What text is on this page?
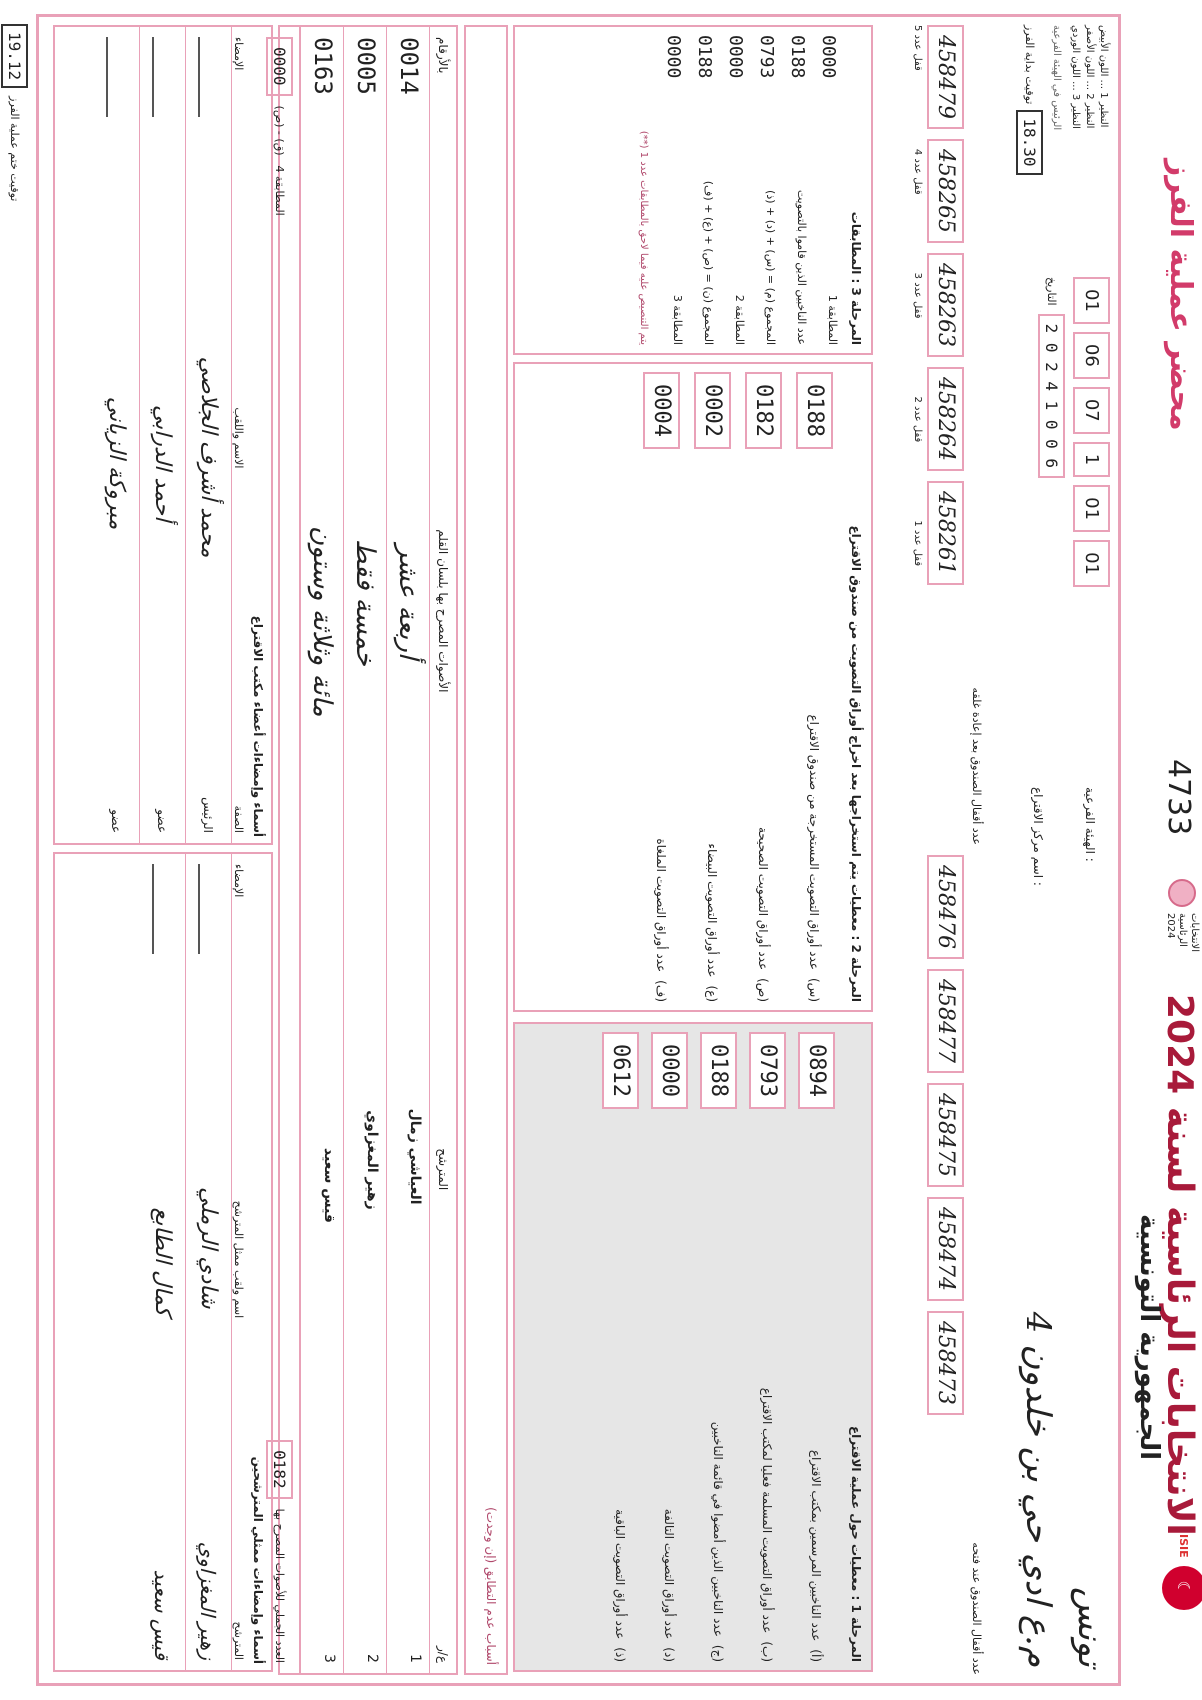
4733
الانتخابات الرئاسية 2024
الانتخابات الرئاسية لسنة 2024
الجمهورية التونسية
ISIE
☾
محضر عملية الفرز
النظير 1 ... اللون الأبيض
النظير 2 ... اللون الأصفر
النظير 3 ... اللون الوردي
الرئيس في الهيئة الفرعية
توقيت بداية الفرز
18.30
01
06
07
1
01
01
التاريخ
2 0 2 4 1 0 0 6
الهيئة الفرعية :
تونس
اسم مركز الاقتراع :
م.ع ادي حي بن خلدون 4
عدد أقفال الصندوق بعد إعادة غلقه
458479
458265
458263
458264
458261
قفل عدد 5
قفل عدد 4
قفل عدد 3
قفل عدد 2
قفل عدد 1
عدد أقفال الصندوق عند فتحه
458476
458477
458475
458474
458473
المرحلة 3 : المطابقات
0000
المطابقة 1
0188
عدد الناخبين الذين قاموا بالتصويت
0793
المجموع (م) = (س) + (د) + (ذ)
0000
المطابقة 2
0188
المجموع (ن) = (ص) + (ع) + (ف)
0000
المطابقة 3
(**) يتم التنصيص عليه فيما لاحق بالمطابقات عدد 1
المرحلة 2 : معطيات يتم استخراجها بعد اخراج أوراق التصويت من صندوق الاقتراع
0188
عدد أوراق التصويت المستخرجة من صندوق الاقتراع
(س)
0182
عدد أوراق التصويت الصحيحة
(ص)
0002
عدد أوراق التصويت البيضاء
(ع)
0004
عدد أوراق التصويت الملغاة
(ف)
المرحلة 1 : معطيات حول عملية الاقتراع
0894
عدد الناخبين المرسمين بمكتب الاقتراع
(أ)
0793
عدد أوراق التصويت المسلمة فعليا لمكتب الاقتراع
(ب)
0188
عدد الناخبين الذين أمضوا في قائمة الناخبين
(ج)
0000
عدد أوراق التصويت التالفة
(د)
0612
عدد أوراق التصويت الباقية
(ذ)
أسباب عدم التطابق (إن وجدت)
بالأرقام
الأصوات المصرح بها بلسان القلم
المترشح
ع/ر
0014
أربعة عشر
العياشي زمال
1
0005
خمسة فقط
زهير المغزاوي
2
0163
مائة وثلاثة وستون
قيس سعيد
3
0000
(ص) - (ق)
المطابقة 4
0182
العدد الجملي للأصوات المصرح بها
أسماء وإمضاءات أعضاء مكتب الاقتراع
الإمضاء
الاسم واللقب
الصفة
محمد أشرف الجلاصي
الرئيس
أحمد الدرابي
عضو
مبروكة الزياني
عضو
أسماء وإمضاءات ممثلي المترشحين
الإمضاء
اسم ولقب ممثل المترشح
المترشح
شادي الرملي
زهير المغزاوي
كمال الطابع
قيس سعيد
19.12
توقيت ختم عملية الفرز
